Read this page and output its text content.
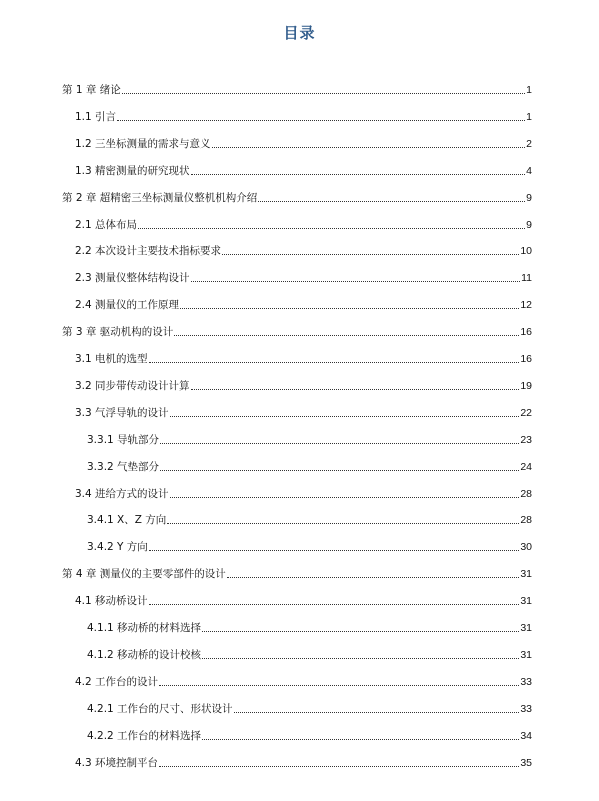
目录
第 1 章 绪论	1
1.1 引言	1
1.2 三坐标测量的需求与意义	2
1.3 精密测量的研究现状	4
第 2 章 超精密三坐标测量仪整机机构介绍	9
2.1 总体布局	9
2.2 本次设计主要技术指标要求	10
2.3 测量仪整体结构设计	11
2.4 测量仪的工作原理	12
第 3 章 驱动机构的设计	16
3.1 电机的选型	16
3.2 同步带传动设计计算	19
3.3 气浮导轨的设计	22
3.3.1 导轨部分	23
3.3.2 气垫部分	24
3.4 进给方式的设计	28
3.4.1 X、Z 方向	28
3.4.2 Y 方向	30
第 4 章 测量仪的主要零部件的设计	31
4.1 移动桥设计	31
4.1.1 移动桥的材料选择	31
4.1.2 移动桥的设计校核	31
4.2 工作台的设计	33
4.2.1 工作台的尺寸、形状设计	33
4.2.2 工作台的材料选择	34
4.3 环境控制平台	35
